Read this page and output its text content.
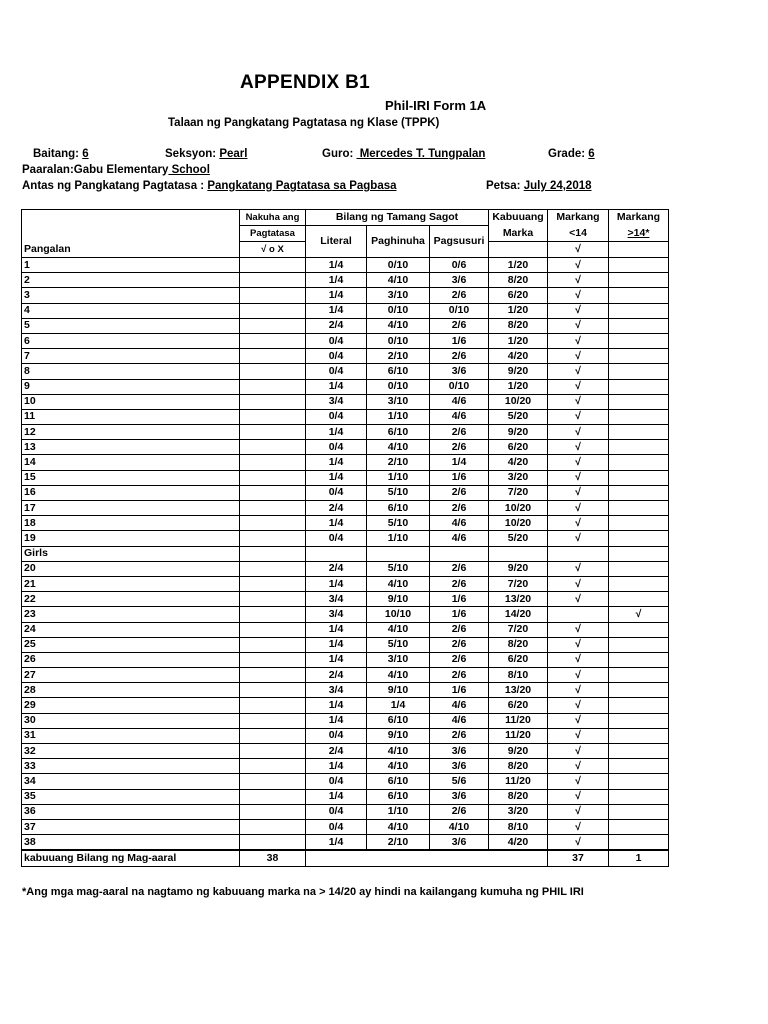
APPENDIX B1
Phil-IRI Form 1A
Talaan ng Pangkatang Pagtatasa ng Klase (TPPK)
Baitang: 6	Seksyon: Pearl	Guro:  Mercedes T. Tungpalan	Grade: 6
Paaralan:Gabu Elementary School
Antas ng Pangkatang Pagtatasa : Pangkatang Pagtatasa sa Pagbasa	Petsa: July 24,2018
	Nakuha ang	Bilang ng Tamang Sagot			Kabuuang	Markang	Markang
	Pagtatasa	Literal	Paghinuha	Pagsusuri	Marka	<14	>14*
Pangalan	√ o X					√	
1		1/4	0/10	0/6	1/20	√	
2		1/4	4/10	3/6	8/20	√	
3		1/4	3/10	2/6	6/20	√	
4		1/4	0/10	0/10	1/20	√	
5		2/4	4/10	2/6	8/20	√	
6		0/4	0/10	1/6	1/20	√	
7		0/4	2/10	2/6	4/20	√	
8		0/4	6/10	3/6	9/20	√	
9		1/4	0/10	0/10	1/20	√	
10		3/4	3/10	4/6	10/20	√	
11		0/4	1/10	4/6	5/20	√	
12		1/4	6/10	2/6	9/20	√	
13		0/4	4/10	2/6	6/20	√	
14		1/4	2/10	1/4	4/20	√	
15		1/4	1/10	1/6	3/20	√	
16		0/4	5/10	2/6	7/20	√	
17		2/4	6/10	2/6	10/20	√	
18		1/4	5/10	4/6	10/20	√	
19		0/4	1/10	4/6	5/20	√	
Girls							
20		2/4	5/10	2/6	9/20	√	
21		1/4	4/10	2/6	7/20	√	
22		3/4	9/10	1/6	13/20	√	
23		3/4	10/10	1/6	14/20		√
24		1/4	4/10	2/6	7/20	√	
25		1/4	5/10	2/6	8/20	√	
26		1/4	3/10	2/6	6/20	√	
27		2/4	4/10	2/6	8/10	√	
28		3/4	9/10	1/6	13/20	√	
29		1/4	1/4	4/6	6/20	√	
30		1/4	6/10	4/6	11/20	√	
31		0/4	9/10	2/6	11/20	√	
32		2/4	4/10	3/6	9/20	√	
33		1/4	4/10	3/6	8/20	√	
34		0/4	6/10	5/6	11/20	√	
35		1/4	6/10	3/6	8/20	√	
36		0/4	1/10	2/6	3/20	√	
37		0/4	4/10	4/10	8/10	√	
38		1/4	2/10	3/6	4/20	√	
kabuuang Bilang ng Mag-aaral	38					37	1
*Ang mga mag-aaral na nagtamo ng kabuuang marka na > 14/20 ay hindi na kailangang kumuha ng PHIL IRI
